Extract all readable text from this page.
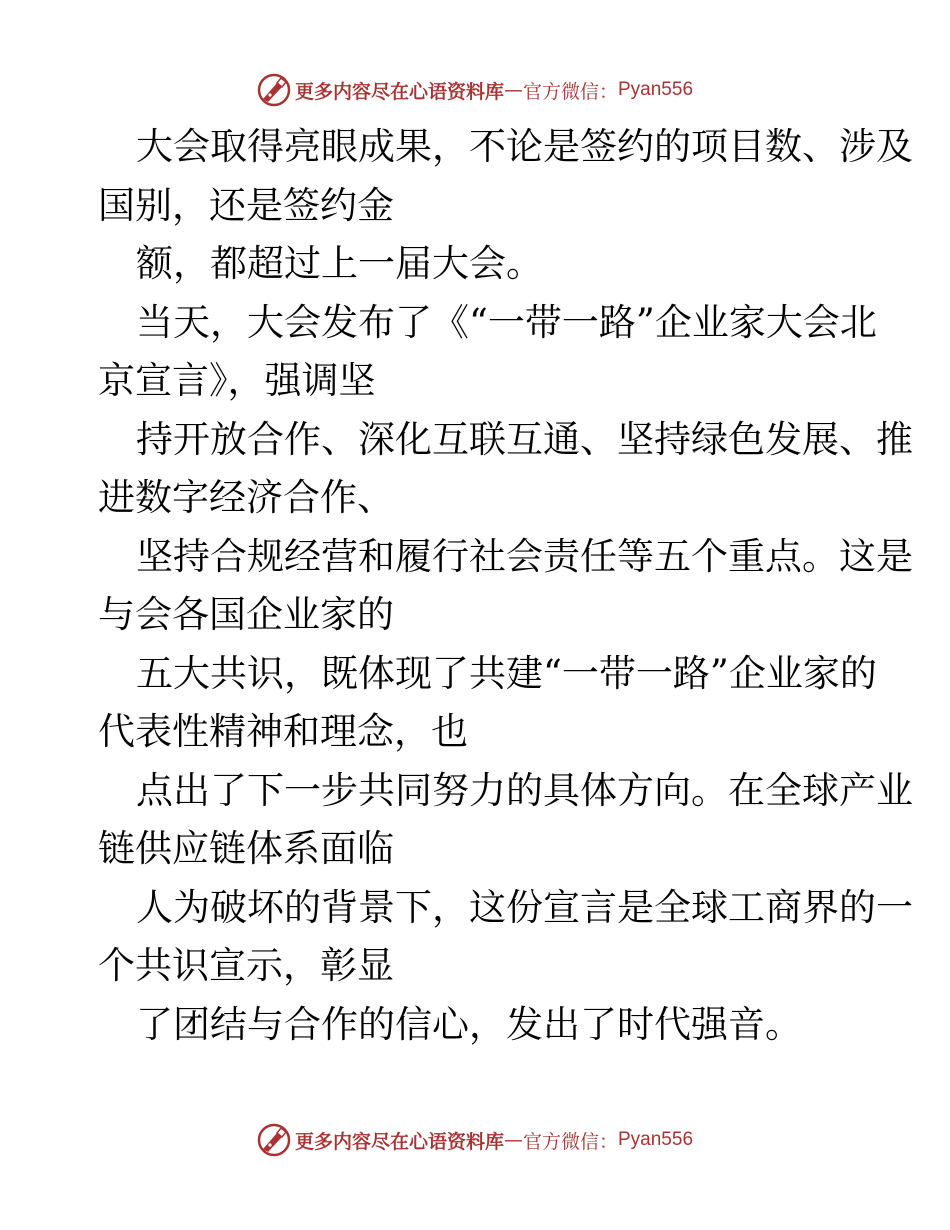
更多内容尽在心语资料库 — 官方微信： Pyan556
大会取得亮眼成果，不论是签约的项目数、涉及
国别，还是签约金
额，都超过上一届大会。
当天，大会发布了《“一带一路”企业家大会北
京宣言》，强调坚
持开放合作、深化互联互通、坚持绿色发展、推
进数字经济合作、
坚持合规经营和履行社会责任等五个重点。这是
与会各国企业家的
五大共识，既体现了共建“一带一路”企业家的
代表性精神和理念，也
点出了下一步共同努力的具体方向。在全球产业
链供应链体系面临
人为破坏的背景下，这份宣言是全球工商界的一
个共识宣示，彰显
了团结与合作的信心，发出了时代强音。
更多内容尽在心语资料库 — 官方微信： Pyan556
